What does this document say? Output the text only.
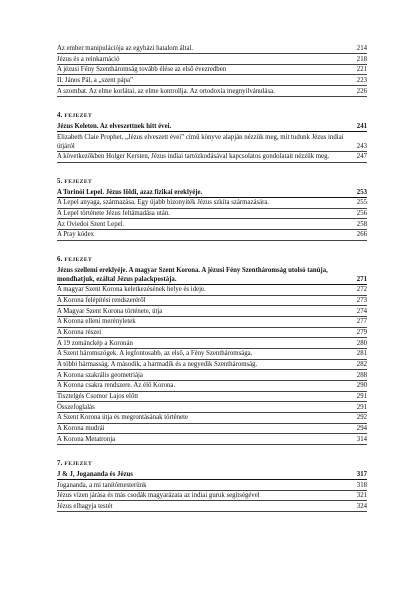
Az ember manipulációja az egyházi hatalom által.	214
Jézus és a reinkarnáció	218
A jézusi Fény Szentháromság tovább élése az első évezredben	221
II. János Pál, a „szent pápa”	223
A szombat. Az elme korlátai, az elme kontrollja. Az ortodoxia megnyilvánulása.	226
4. FEJEZET
Jézus Keleten. Az elveszettnek hitt évei.	241
Elizabeth Claie Prophet, „Jézus elveszett évei” című könyve alapján nézzük meg, mit tudunk Jézus indiai útjáról	243
A következőkben Holger Kersten, Jézus indiai tartózkodásával kapcsolatos gondolatait nézzük meg.	247
5. FEJEZET
A Torinói Lepel. Jézus földi, azaz fizikai ereklyéje.	253
A Lepel anyaga, származása. Egy újabb bizonyíték Jézus szkíta származására.	255
A Lepel története Jézus feltámadása után.	256
Az Oviedoi Szent Lepel.	258
A Pray kódex	266
6. FEJEZET
Jézus szellemi ereklyéje. A magyar Szent Korona. A jézusi Fény Szentháromság utolsó tanúja, mondhatjuk, ezáltal Jézus palackpostája.	271
A magyar Szent Korona keletkezésének helye és ideje.	272
A Korona felépítési rendszeréről	273
A Magyar Szent Korona története, útja	274
A Korona elleni merényletek	277
A Korona részei	279
A 19 zománckép a Koronán	280
A Szent háromszögek. A legfontosabb, az első, a Fény Szentháromsága.	281
A többi hármasság. A második, a harmadik és a negyedik Szentháromság.	282
A Korona szakrális geometriája	288
A Korona csakra rendszere. Az élő Korona.	290
Tisztelgés Csomor Lajos előtt	291
Összefoglalás	291
A Szent Korona útja és megrontásának története	292
A Korona mudrái	294
A Korona Metatronja	314
7. FEJEZET
J & J, Jogananda és Jézus	317
Jogananda, a mi tanítómesterünk	318
Jézus vízen járása és más csodák magyarázata az indiai guruk segítségével	321
Jézus elhagyja testét	324
